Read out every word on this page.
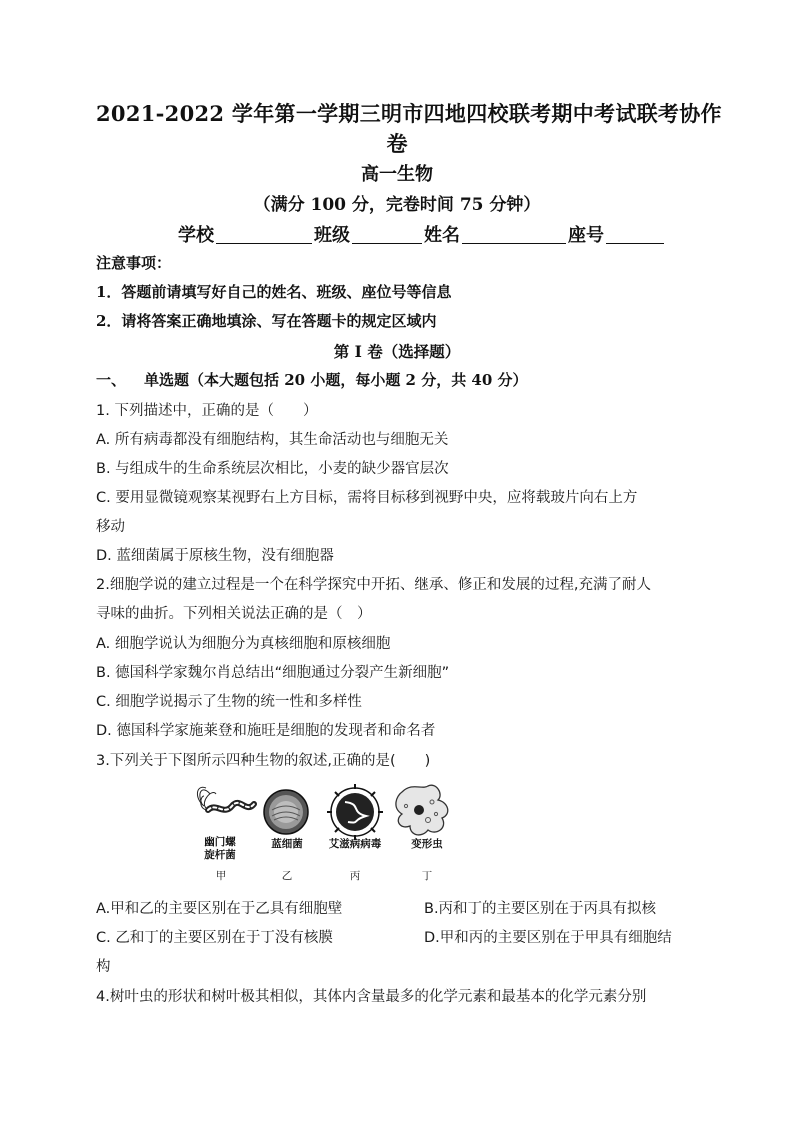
2021-2022 学年第一学期三明市四地四校联考期中考试联考协作
卷
高一生物
（满分 100 分，完卷时间 75 分钟）
学校	班级	姓名	座号
注意事项：
1．答题前请填写好自己的姓名、班级、座位号等信息
2．请将答案正确地填涂、写在答题卡的规定区域内
第 I 卷（选择题）
一、 单选题（本大题包括 20 小题，每小题 2 分，共 40 分）
1. 下列描述中，正确的是（　　）
A. 所有病毒都没有细胞结构，其生命活动也与细胞无关
B. 与组成牛的生命系统层次相比，小麦的缺少器官层次
C. 要用显微镜观察某视野右上方目标，需将目标移到视野中央，应将载玻片向右上方
移动
D. 蓝细菌属于原核生物，没有细胞器
2.细胞学说的建立过程是一个在科学探究中开拓、继承、修正和发展的过程,充满了耐人
寻味的曲折。下列相关说法正确的是（　）
A. 细胞学说认为细胞分为真核细胞和原核细胞
B. 德国科学家魏尔肖总结出“细胞通过分裂产生新细胞”
C. 细胞学说揭示了生物的统一性和多样性
D. 德国科学家施莱登和施旺是细胞的发现者和命名者
3.下列关于下图所示四种生物的叙述,正确的是(　　)
幽门螺
旋杆菌
蓝细菌	艾滋病病毒	变形虫
甲	乙	丙	丁
A.甲和乙的主要区别在于乙具有细胞壁	B.丙和丁的主要区别在于丙具有拟核
C. 乙和丁的主要区别在于丁没有核膜	D.甲和丙的主要区别在于甲具有细胞结
构
4.树叶虫的形状和树叶极其相似，其体内含量最多的化学元素和最基本的化学元素分别
